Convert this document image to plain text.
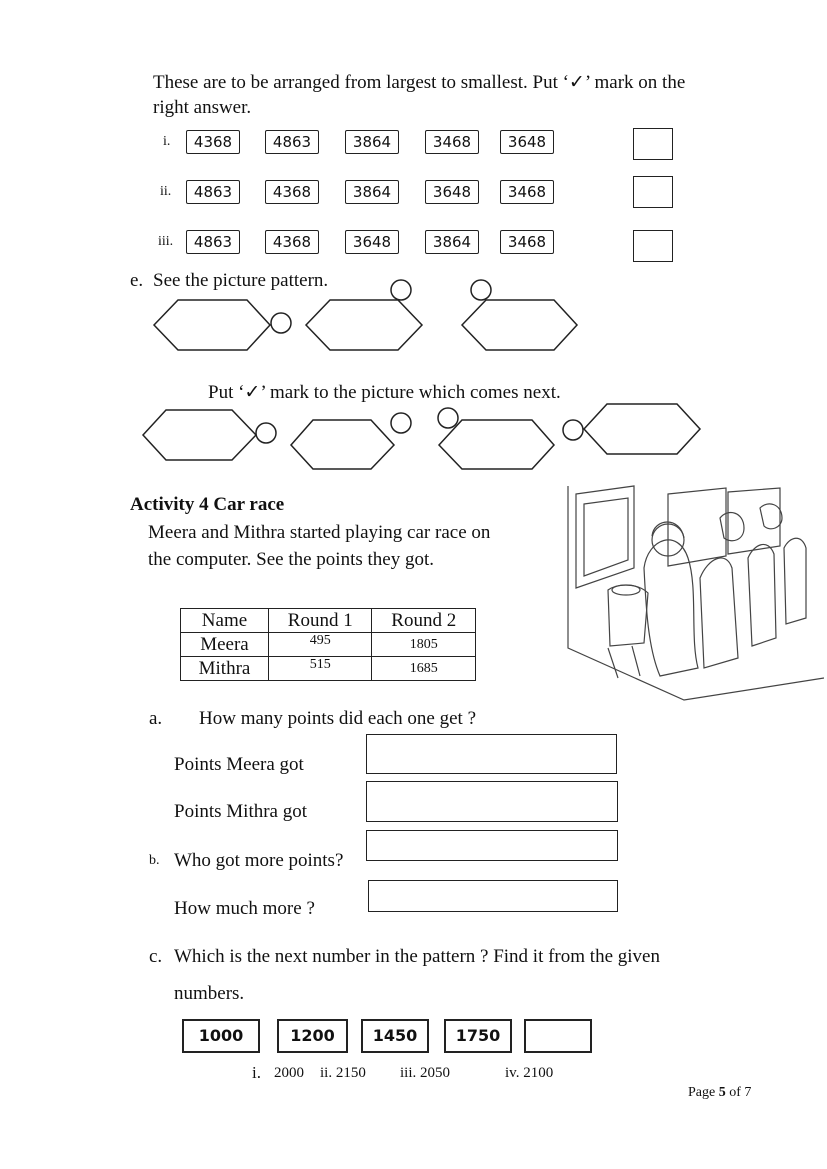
These are to be arranged from largest to smallest. Put ‘✓’ mark on the
right answer.
i.	4368	4863	3864	3468	3648
ii.	4863	4368	3864	3648	3468
iii.	4863	4368	3648	3864	3468
e. See the picture pattern.
Put ‘✓’ mark to the picture which comes next.
Activity 4 Car race
Meera and Mithra started playing car race on
the computer. See the points they got.
Name	Round 1	Round 2
Meera	495	1805
Mithra	515	1685
a. How many points did each one get ?
Points Meera got
Points Mithra got
b. Who got more points?
How much more ?
c. Which is the next number in the pattern ? Find it from the given
numbers.
1000	1200	1450	1750
i. 2000 ii. 2150 iii. 2050	iv. 2100
Page 5 of 7
